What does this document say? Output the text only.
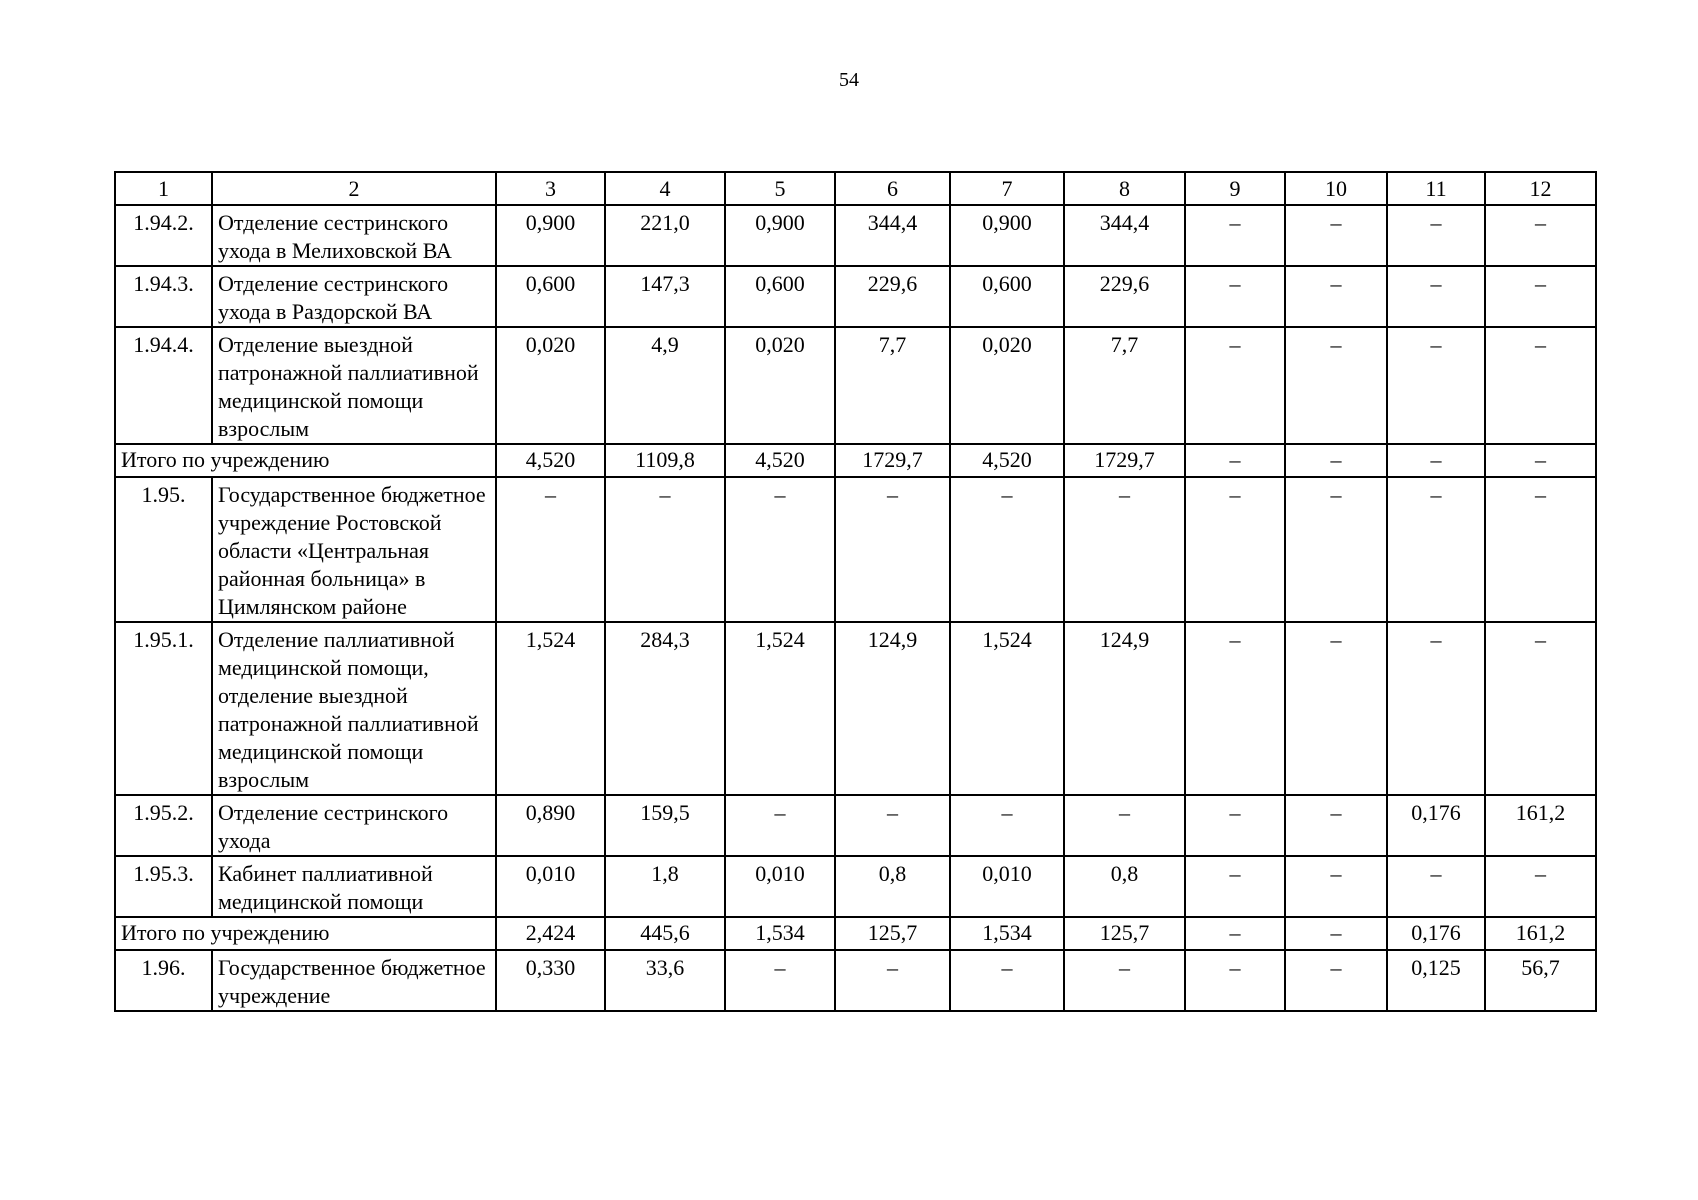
54
1	2	3	4	5	6	7	8	9	10	11	12
1.94.2.	Отделение сестринского ухода в Мелиховской ВА	0,900	221,0	0,900	344,4	0,900	344,4	–	–	–	–
1.94.3.	Отделение сестринского ухода в Раздорской ВА	0,600	147,3	0,600	229,6	0,600	229,6	–	–	–	–
1.94.4.	Отделение выездной патронажной паллиативной медицинской помощи взрослым	0,020	4,9	0,020	7,7	0,020	7,7	–	–	–	–
Итого по учреждению		4,520	1109,8	4,520	1729,7	4,520	1729,7	–	–	–	–
1.95.	Государственное бюджетное учреждение Ростовской области «Центральная районная больница» в Цимлянском районе	–	–	–	–	–	–	–	–	–	–
1.95.1.	Отделение паллиативной медицинской помощи, отделение выездной патронажной паллиативной медицинской помощи взрослым	1,524	284,3	1,524	124,9	1,524	124,9	–	–	–	–
1.95.2.	Отделение сестринского ухода	0,890	159,5	–	–	–	–	–	–	0,176	161,2
1.95.3.	Кабинет паллиативной медицинской помощи	0,010	1,8	0,010	0,8	0,010	0,8	–	–	–	–
Итого по учреждению		2,424	445,6	1,534	125,7	1,534	125,7	–	–	0,176	161,2
1.96.	Государственное бюджетное учреждение	0,330	33,6	–	–	–	–	–	–	0,125	56,7
